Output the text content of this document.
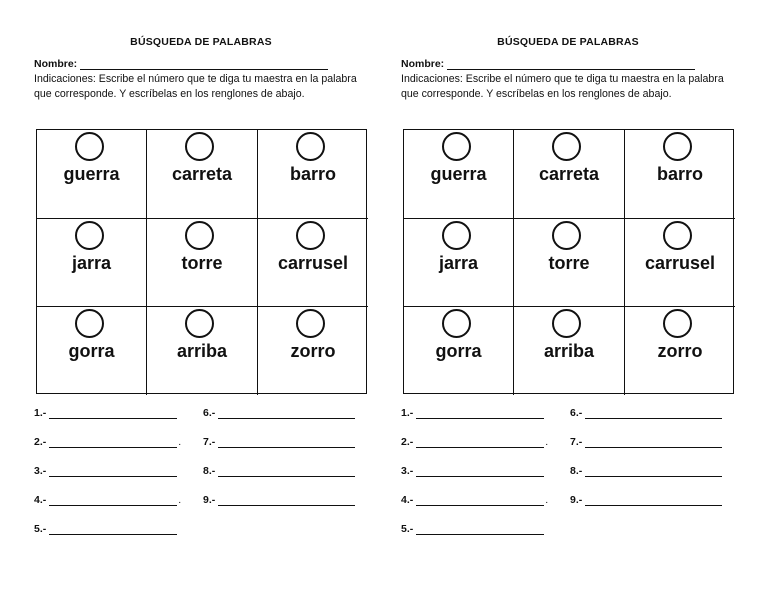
BÚSQUEDA DE PALABRAS
Nombre:
Indicaciones: Escribe el número que te diga tu maestra en la palabra que corresponde. Y escríbelas en los renglones de abajo.
guerra	carreta	barro
jarra	torre	carrusel
gorra	arriba	zorro
1.-
2.-
.
3.-
4.-
.
5.-
6.-
7.-
8.-
9.-
BÚSQUEDA DE PALABRAS
Nombre:
Indicaciones: Escribe el número que te diga tu maestra en la palabra que corresponde. Y escríbelas en los renglones de abajo.
guerra	carreta	barro
jarra	torre	carrusel
gorra	arriba	zorro
1.-
2.-
.
3.-
4.-
.
5.-
6.-
7.-
8.-
9.-
